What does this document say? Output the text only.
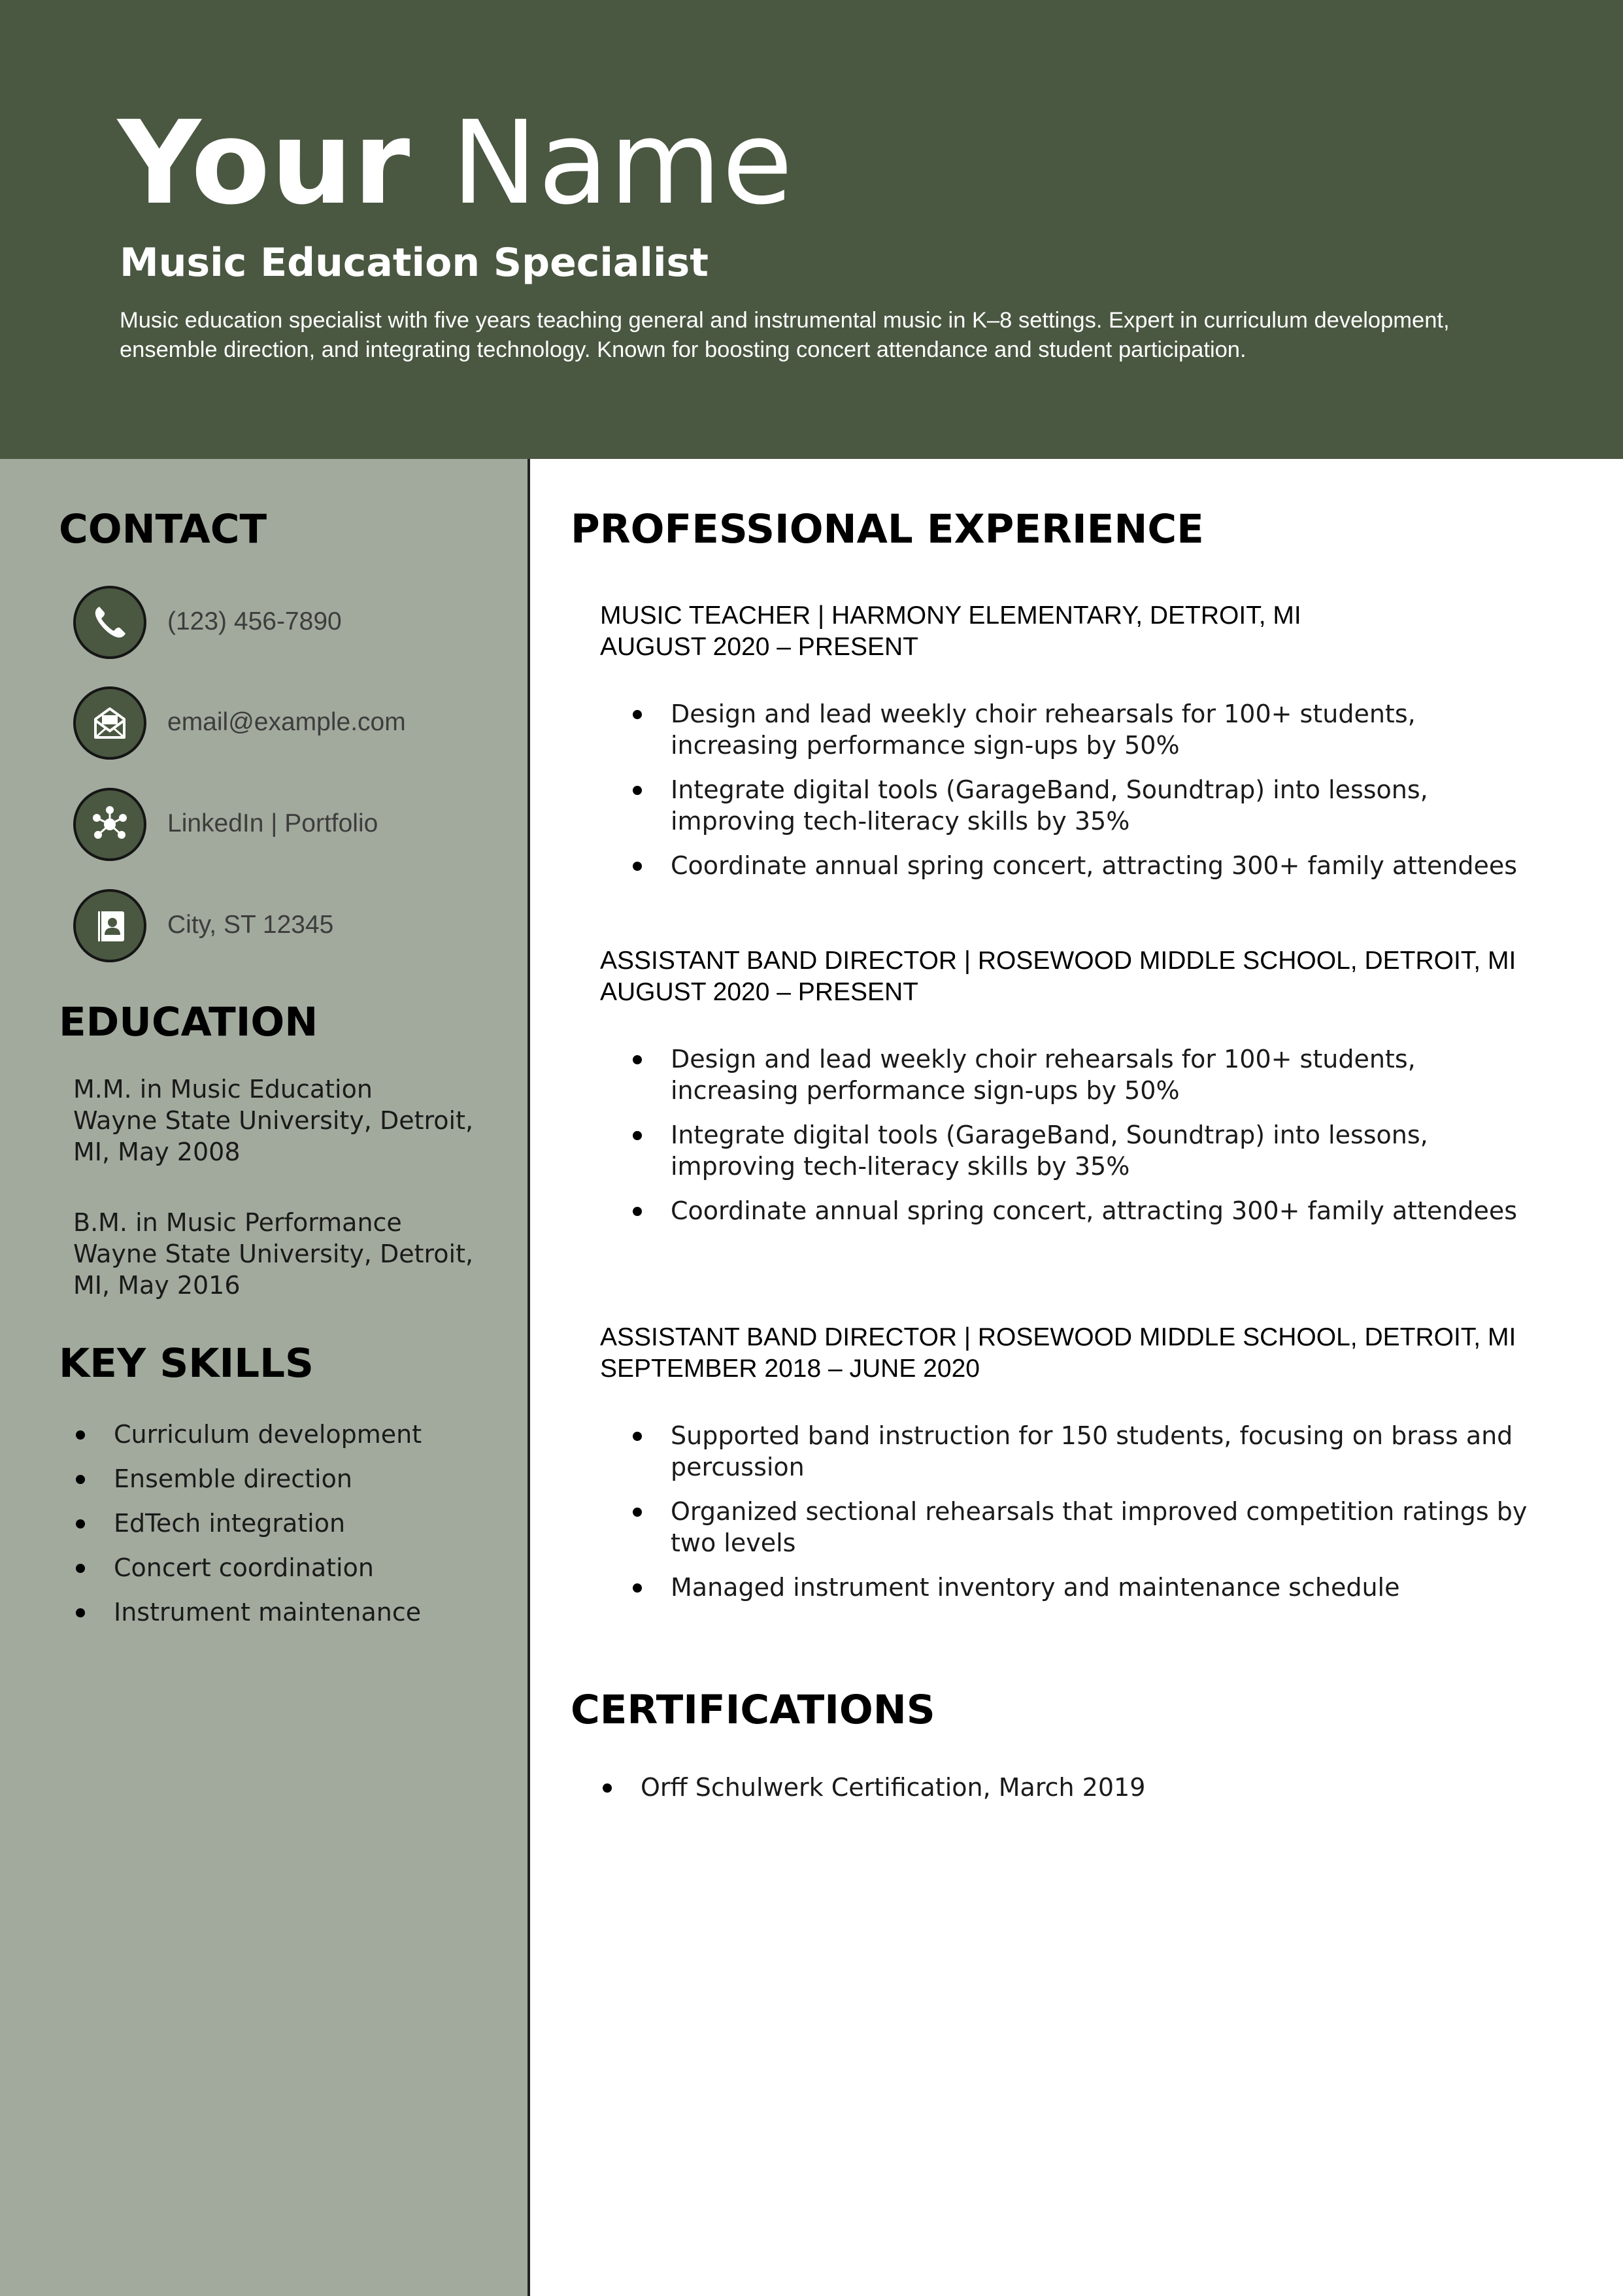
Your Name
Music Education Specialist

Music education specialist with five years teaching general and instrumental music in K–8 settings. Expert in curriculum development, ensemble direction, and integrating technology. Known for boosting concert attendance and student participation.

CONTACT
(123) 456-7890
email@example.com
LinkedIn | Portfolio
City, ST 12345
EDUCATION

M.M. in Music Education
Wayne State University, Detroit,
MI, May 2008

B.M. in Music Performance
Wayne State University, Detroit,
MI, May 2016

KEY SKILLS
Curriculum development
Ensemble direction
EdTech integration
Concert coordination
Instrument maintenance
PROFESSIONAL EXPERIENCE

MUSIC TEACHER | HARMONY ELEMENTARY, DETROIT, MI

AUGUST 2020 – PRESENT

Design and lead weekly choir rehearsals for 100+ students, increasing performance sign-ups by 50%
Integrate digital tools (GarageBand, Soundtrap) into lessons, improving tech-literacy skills by 35%
Coordinate annual spring concert, attracting 300+ family attendees

ASSISTANT BAND DIRECTOR | ROSEWOOD MIDDLE SCHOOL, DETROIT, MI

AUGUST 2020 – PRESENT

Design and lead weekly choir rehearsals for 100+ students, increasing performance sign-ups by 50%
Integrate digital tools (GarageBand, Soundtrap) into lessons, improving tech-literacy skills by 35%
Coordinate annual spring concert, attracting 300+ family attendees

ASSISTANT BAND DIRECTOR | ROSEWOOD MIDDLE SCHOOL, DETROIT, MI

SEPTEMBER 2018 – JUNE 2020

Supported band instruction for 150 students, focusing on brass and percussion
Organized sectional rehearsals that improved competition ratings by two levels
Managed instrument inventory and maintenance schedule
CERTIFICATIONS
Orff Schulwerk Certification, March 2019
